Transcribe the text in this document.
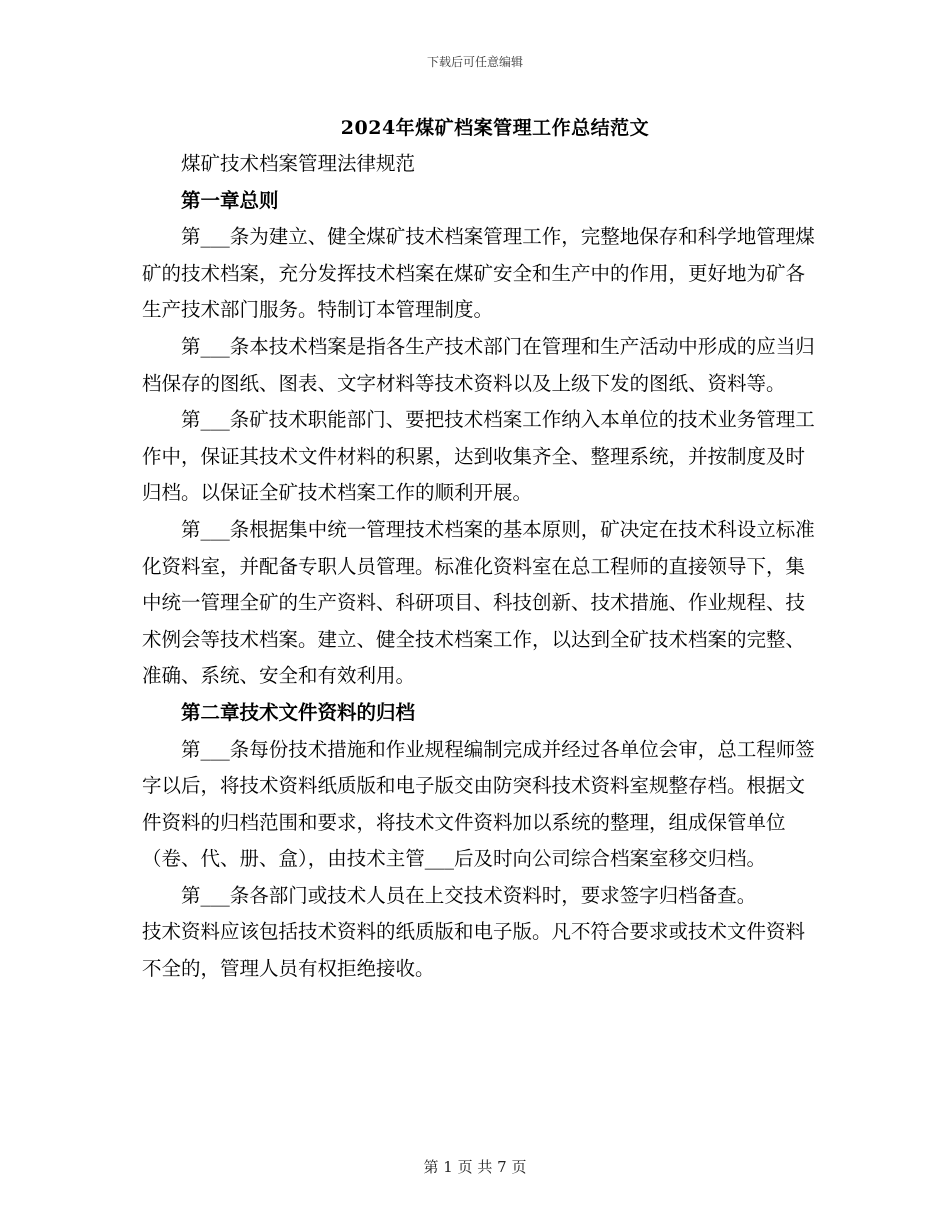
下载后可任意编辑
2024年煤矿档案管理工作总结范文

煤矿技术档案管理法律规范

第一章总则

第___条为建立、健全煤矿技术档案管理工作，完整地保存和科学地管理煤矿的技术档案，充分发挥技术档案在煤矿安全和生产中的作用，更好地为矿各生产技术部门服务。特制订本管理制度。

第___条本技术档案是指各生产技术部门在管理和生产活动中形成的应当归档保存的图纸、图表、文字材料等技术资料以及上级下发的图纸、资料等。

第___条矿技术职能部门、要把技术档案工作纳入本单位的技术业务管理工作中，保证其技术文件材料的积累，达到收集齐全、整理系统，并按制度及时归档。以保证全矿技术档案工作的顺利开展。

第___条根据集中统一管理技术档案的基本原则，矿决定在技术科设立标准化资料室，并配备专职人员管理。标准化资料室在总工程师的直接领导下，集中统一管理全矿的生产资料、科研项目、科技创新、技术措施、作业规程、技术例会等技术档案。建立、健全技术档案工作，以达到全矿技术档案的完整、准确、系统、安全和有效利用。

第二章技术文件资料的归档

第___条每份技术措施和作业规程编制完成并经过各单位会审，总工程师签字以后，将技术资料纸质版和电子版交由防突科技术资料室规整存档。根据文件资料的归档范围和要求，将技术文件资料加以系统的整理，组成保管单位（卷、代、册、盒），由技术主管___后及时向公司综合档案室移交归档。

第___条各部门或技术人员在上交技术资料时，要求签字归档备查。

技术资料应该包括技术资料的纸质版和电子版。凡不符合要求或技术文件资料不全的，管理人员有权拒绝接收。

第 1 页 共 7 页
